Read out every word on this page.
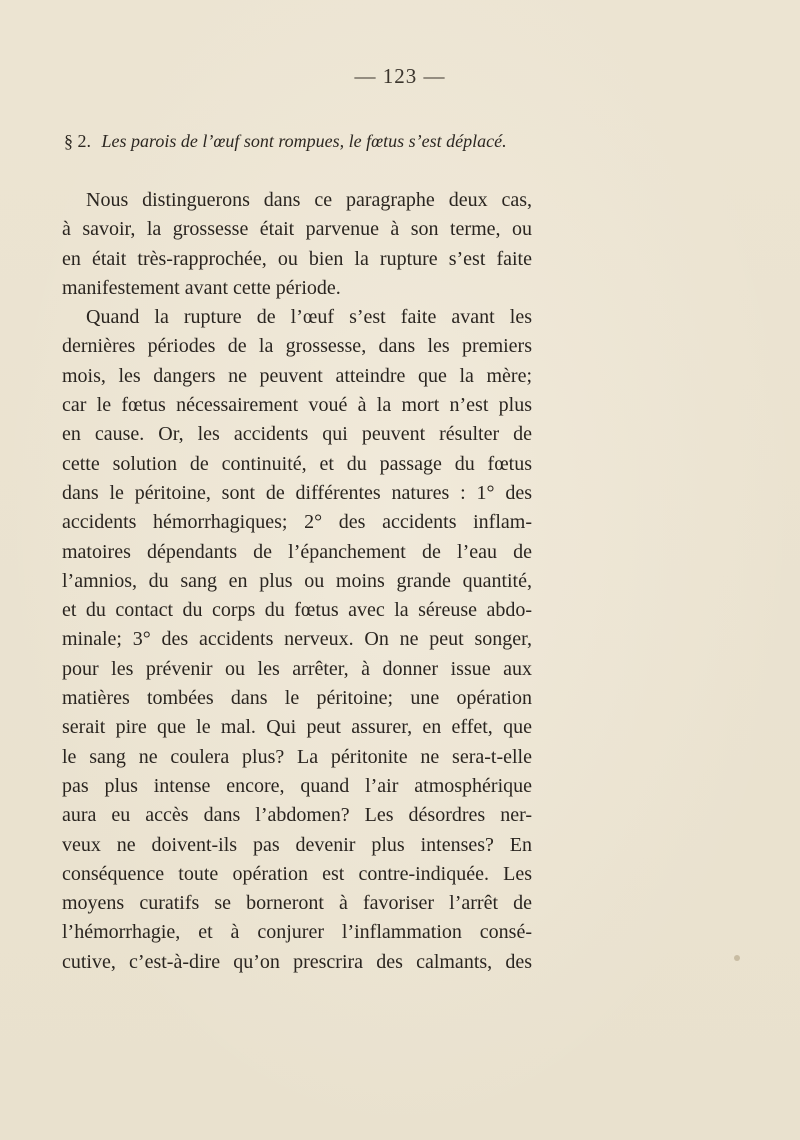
— 123 —
§ 2. Les parois de l’œuf sont rompues, le fœtus s’est déplacé.
Nous distinguerons dans ce paragraphe deux cas,
à savoir, la grossesse était parvenue à son terme, ou
en était très-rapprochée, ou bien la rupture s’est faite
manifestement avant cette période.
Quand la rupture de l’œuf s’est faite avant les
dernières périodes de la grossesse, dans les premiers
mois, les dangers ne peuvent atteindre que la mère;
car le fœtus nécessairement voué à la mort n’est plus
en cause. Or, les accidents qui peuvent résulter de
cette solution de continuité, et du passage du fœtus
dans le péritoine, sont de différentes natures : 1° des
accidents hémorrhagiques; 2° des accidents inflam-
matoires dépendants de l’épanchement de l’eau de
l’amnios, du sang en plus ou moins grande quantité,
et du contact du corps du fœtus avec la séreuse abdo-
minale; 3° des accidents nerveux. On ne peut songer,
pour les prévenir ou les arrêter, à donner issue aux
matières tombées dans le péritoine; une opération
serait pire que le mal. Qui peut assurer, en effet, que
le sang ne coulera plus? La péritonite ne sera-t-elle
pas plus intense encore, quand l’air atmosphérique
aura eu accès dans l’abdomen? Les désordres ner-
veux ne doivent-ils pas devenir plus intenses? En
conséquence toute opération est contre-indiquée. Les
moyens curatifs se borneront à favoriser l’arrêt de
l’hémorrhagie, et à conjurer l’inflammation consé-
cutive, c’est-à-dire qu’on prescrira des calmants, des
